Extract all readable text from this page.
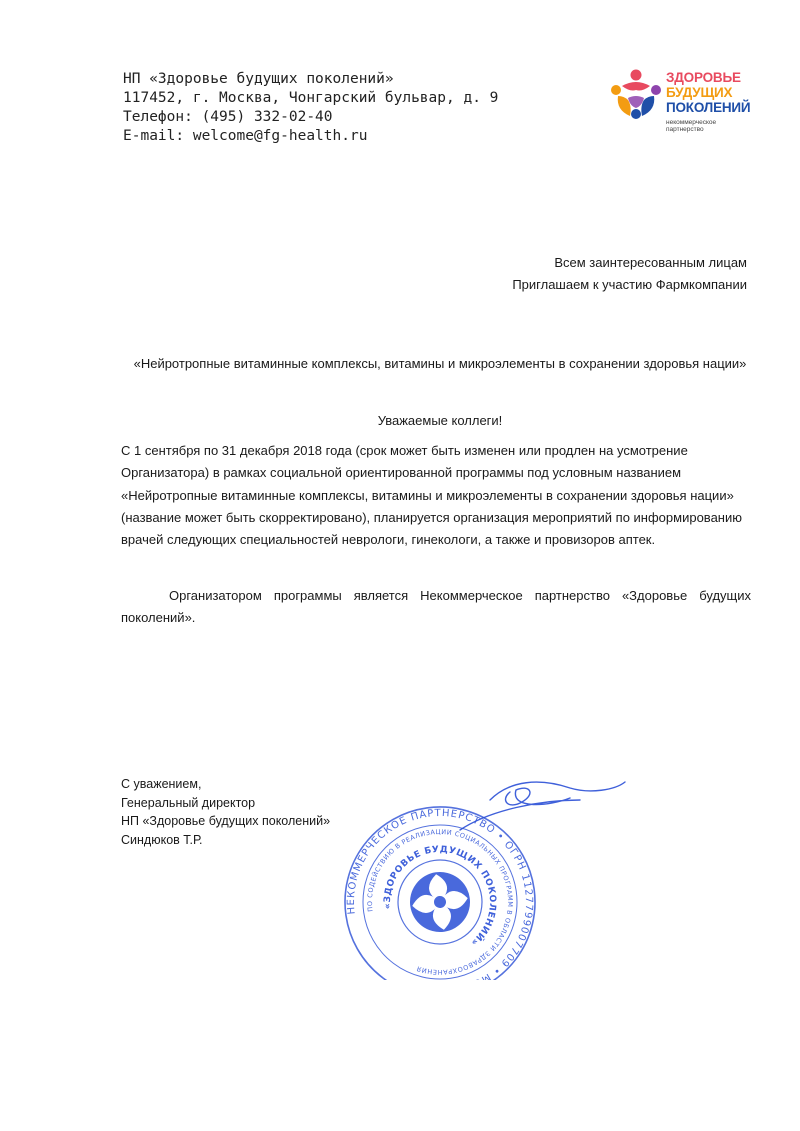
НП «Здоровье будущих поколений»
117452, г. Москва, Чонгарский бульвар, д. 9
Телефон: (495) 332-02-40
E-mail: welcome@fg-health.ru
ЗДОРОВЬЕ
БУДУЩИХ
ПОКОЛЕНИЙ
некоммерческое
партнерство
Всем заинтересованным лицам
Приглашаем к участию Фармкомпании
«Нейротропные витаминные комплексы, витамины и микроэлементы в сохранении здоровья нации»
Уважаемые коллеги!
С 1 сентября по 31 декабря 2018 года (срок может быть изменен или продлен на усмотрение Организатора) в рамках социальной ориентированной программы под условным названием «Нейротропные витаминные комплексы, витамины и микроэлементы в сохранении здоровья нации» (название может быть скорректировано), планируется организация мероприятий по информированию врачей следующих специальностей неврологи, гинекологи, а также и провизоров аптек.
Организатором программы является Некоммерческое партнерство «Здоровье будущих поколений».
С уважением,
Генеральный директор
НП «Здоровье будущих поколений»
Синдюков Т.Р.
НЕКОММЕРЧЕСКОЕ ПАРТНЕРСТВО • ОГРН 1127799007709 • МОСКВА
ПО СОДЕЙСТВИЮ В РЕАЛИЗАЦИИ СОЦИАЛЬНЫХ ПРОГРАММ В ОБЛАСТИ ЗДРАВООХРАНЕНИЯ
«ЗДОРОВЬЕ БУДУЩИХ ПОКОЛЕНИЙ»
